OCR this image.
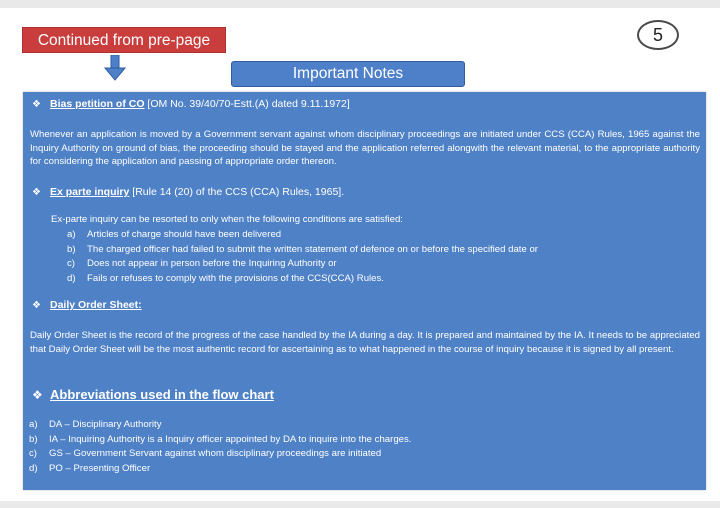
Continued from pre-page	5
Important Notes
❖ Bias petition of CO [OM No. 39/40/70-Estt.(A) dated 9.11.1972]
Whenever an application is moved by a Government servant against whom disciplinary proceedings are initiated under CCS (CCA) Rules, 1965 against the Inquiry Authority on ground of bias, the proceeding should be stayed and the application referred alongwith the relevant material, to the appropriate authority for considering the application and passing of appropriate order thereon.
❖ Ex parte inquiry [Rule 14 (20) of the CCS (CCA) Rules, 1965].
Ex-parte inquiry can be resorted to only when the following conditions are satisfied:
a) Articles of charge should have been delivered
b) The charged officer had failed to submit the written statement of defence on or before the specified date or
c) Does not appear in person before the Inquiring Authority or
d) Fails or refuses to comply with the provisions of the CCS(CCA) Rules.
❖ Daily Order Sheet:
Daily Order Sheet is the record of the progress of the case handled by the IA during a day. It is prepared and maintained by the IA. It needs to be appreciated that Daily Order Sheet will be the most authentic record for ascertaining as to what happened in the course of inquiry because it is signed by all present.
❖ Abbreviations used in the flow chart
a) DA – Disciplinary Authority
b) IA – Inquiring Authority is a Inquiry officer appointed by DA to inquire into the charges.
c) GS – Government Servant against whom disciplinary proceedings are initiated
d) PO – Presenting Officer
